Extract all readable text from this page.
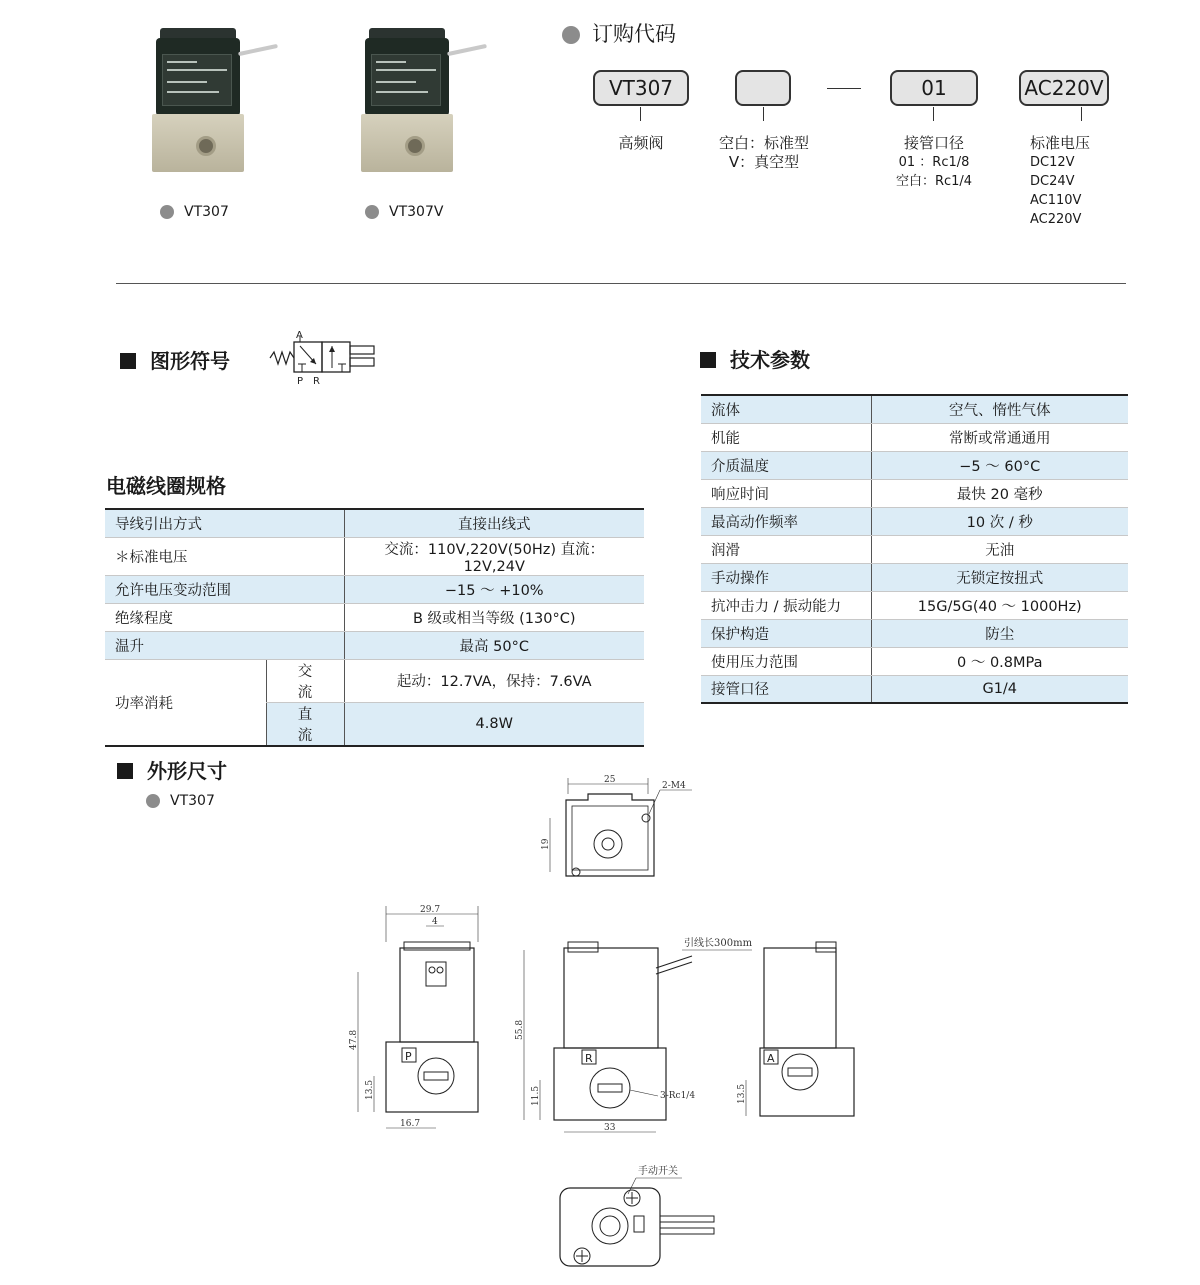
VT307	VT307V
订购代码
VT307	01	AC220V
高频阀	空白：标准型
V：真空型
接管口径
01 ：Rc1/8
空白：Rc1/4
标准电压
DC12V
DC24V
AC110V
AC220V
图形符号
A
P R
技术参数
流体	空气、惰性气体
机能	常断或常通通用
介质温度	−5 ～ 60°C
响应时间	最快 20 毫秒
最高动作频率	10 次 / 秒
润滑	无油
手动操作	无锁定按扭式
抗冲击力 / 振动能力	15G/5G(40 ～ 1000Hz)
保护构造	防尘
使用压力范围	0 ～ 0.8MPa
接管口径	G1/4
电磁线圈规格
导线引出方式		直接出线式
＊标准电压		交流：110V,220V(50Hz) 直流：12V,24V
允许电压变动范围		−15 ～ +10%
绝缘程度		B 级或相当等级 (130°C)
温升		最高 50°C
功率消耗	交流	起动：12.7VA，保持：7.6VA
	直流	4.8W
外形尺寸
VT307
25
2-M4
19
29.7
4
P
47.8
13.5
16.7
引线长300mm
R
3-Rc1/4
55.8
11.5
33
A
13.5
手动开关
